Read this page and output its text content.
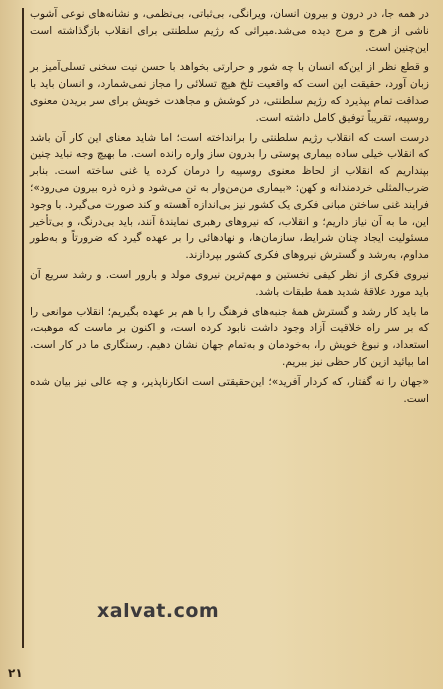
در همه جا، در درون و بیرون انسان، ویرانگی، بی‌ثباتی، بی‌نظمی، و نشانه‌های نوعی آشوب ناشی از هرج و مرج دیده می‌شد.میراثی که رژیم سلطنتی برای انقلاب بازگذاشته است این‌چنین است.

و قطع نظر از این‌که انسان با چه شور و حرارتی بخواهد با حسن نیت سخنی تسلی‌آمیز بر زبان آورد، حقیقت این است که واقعیت تلخ هیچ تسلائی را مجاز نمی‌شمارد، و انسان باید با صداقت تمام بپذیرد که رژیم سلطنتی، در کوشش و مجاهدت خویش برای سر بریدن معنوی روسپیه، تقریباً توفیق کامل داشته است.

درست است که انقلاب رژیم سلطنتی را برانداخته است؛ اما شاید معنای این کار آن باشد که انقلاب خیلی ساده بیماری پوستی را بدرون ساز واره رانده است. ما بهیچ وجه نباید چنین بپنداریم که انقلاب از لحاظ معنوی روسپیه را درمان کرده یا غنی ساخته است. بنابر ضرب‌المثلی خردمندانه و کهن: «بیماری من‌من‌وار به تن می‌شود و ذره ذره بیرون می‌رود»؛ فرایند غنی ساختن مبانی فکری یک کشور نیز بی‌اندازه آهسته و کند صورت می‌گیرد. با وجود این، ما به آن نیاز داریم؛ و انقلاب، که نیروهای رهبری نمایندهٔ آنند، باید بی‌درنگ، و بی‌تأخیر مسئولیت ایجاد چنان شرایط، سازمان‌ها، و نهادهائی را بر عهده گیرد که ضرورتاً و به‌طور مداوم، به‌رشد و گسترش نیروهای فکری کشور بپردازند.

نیروی فکری از نظر کیفی نخستین و مهم‌ترین نیروی مولد و بارور است. و رشد سریع آن باید مورد علاقهٔ شدید همهٔ طبقات باشد.

ما باید کار رشد و گسترش همهٔ جنبه‌های فرهنگ را با هم بر عهده بگیریم؛ انقلاب موانعی را که بر سر راه خلاقیت آزاد وجود داشت نابود کرده است، و اکنون بر ماست که موهبت، استعداد، و نبوغ خویش را، به‌خودمان و به‌تمام جهان نشان دهیم. رستگاری ما در کار است. اما بیائید ازین کار حظی نیز ببریم.

«جهان را نه گفتار، که کردار آفرید»؛ این‌حقیقتی است انکارناپذیر، و چه عالی نیز بیان شده است.

xalvat.com
۲۱
